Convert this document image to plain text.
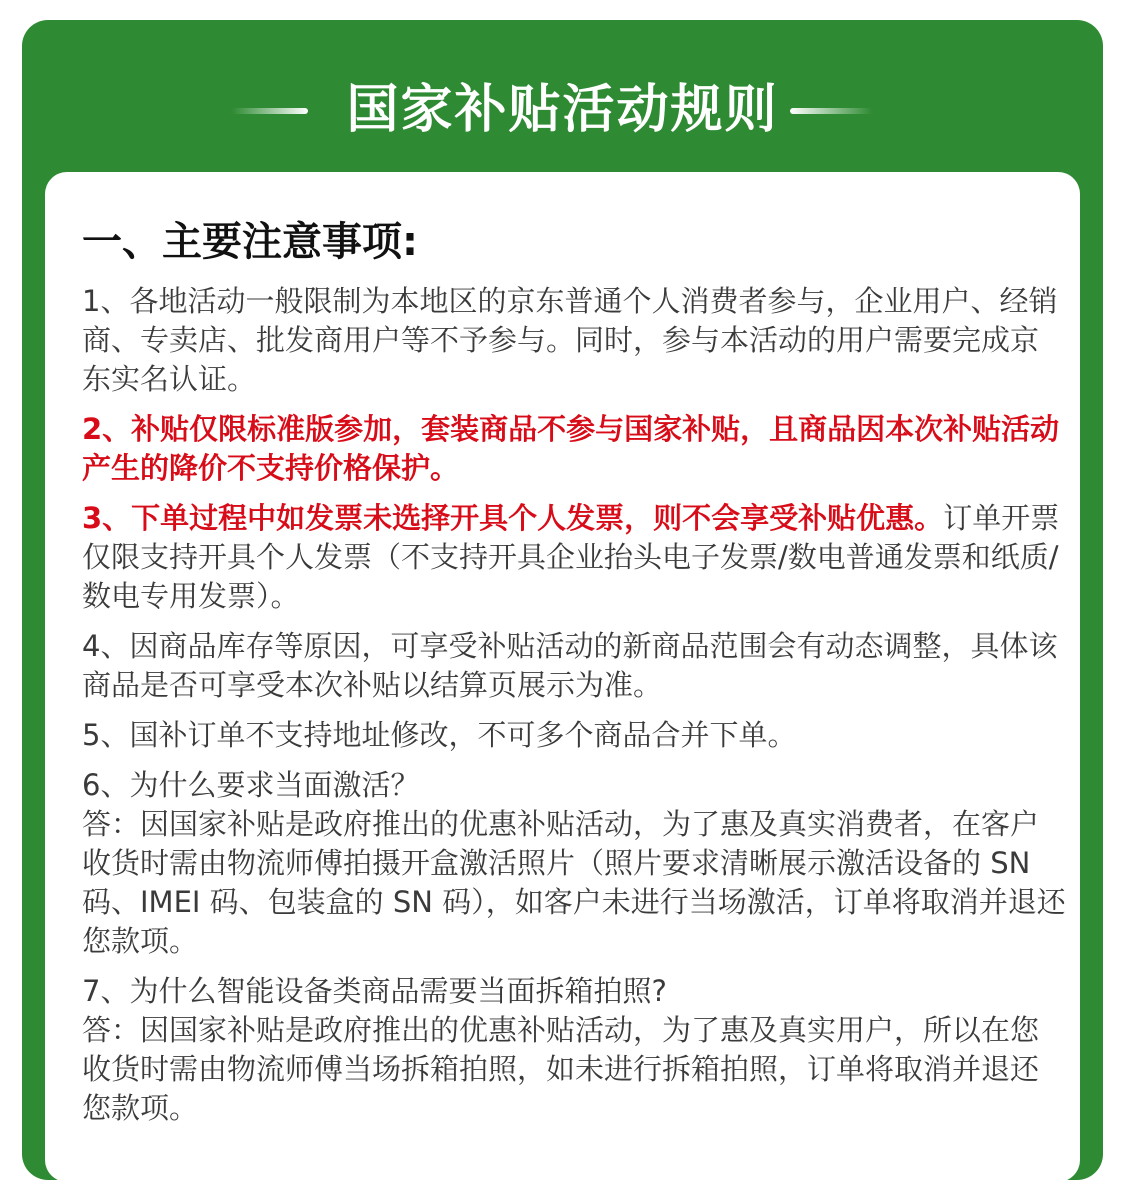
国家补贴活动规则
一、主要注意事项:
1、各地活动一般限制为本地区的京东普通个人消费者参与，企业用户、经销商、专卖店、批发商用户等不予参与。同时，参与本活动的用户需要完成京东实名认证。
2、补贴仅限标准版参加，套装商品不参与国家补贴，且商品因本次补贴活动产生的降价不支持价格保护。
3、下单过程中如发票未选择开具个人发票，则不会享受补贴优惠。订单开票仅限支持开具个人发票（不支持开具企业抬头电子发票/数电普通发票和纸质/数电专用发票）。
4、因商品库存等原因，可享受补贴活动的新商品范围会有动态调整，具体该商品是否可享受本次补贴以结算页展示为准。
5、国补订单不支持地址修改，不可多个商品合并下单。
6、为什么要求当面激活？
答：因国家补贴是政府推出的优惠补贴活动，为了惠及真实消费者，在客户收货时需由物流师傅拍摄开盒激活照片（照片要求清晰展示激活设备的 SN 码、IMEI 码、包装盒的 SN 码），如客户未进行当场激活，订单将取消并退还您款项。
7、为什么智能设备类商品需要当面拆箱拍照?
答：因国家补贴是政府推出的优惠补贴活动，为了惠及真实用户，所以在您收货时需由物流师傅当场拆箱拍照，如未进行拆箱拍照，订单将取消并退还您款项。
